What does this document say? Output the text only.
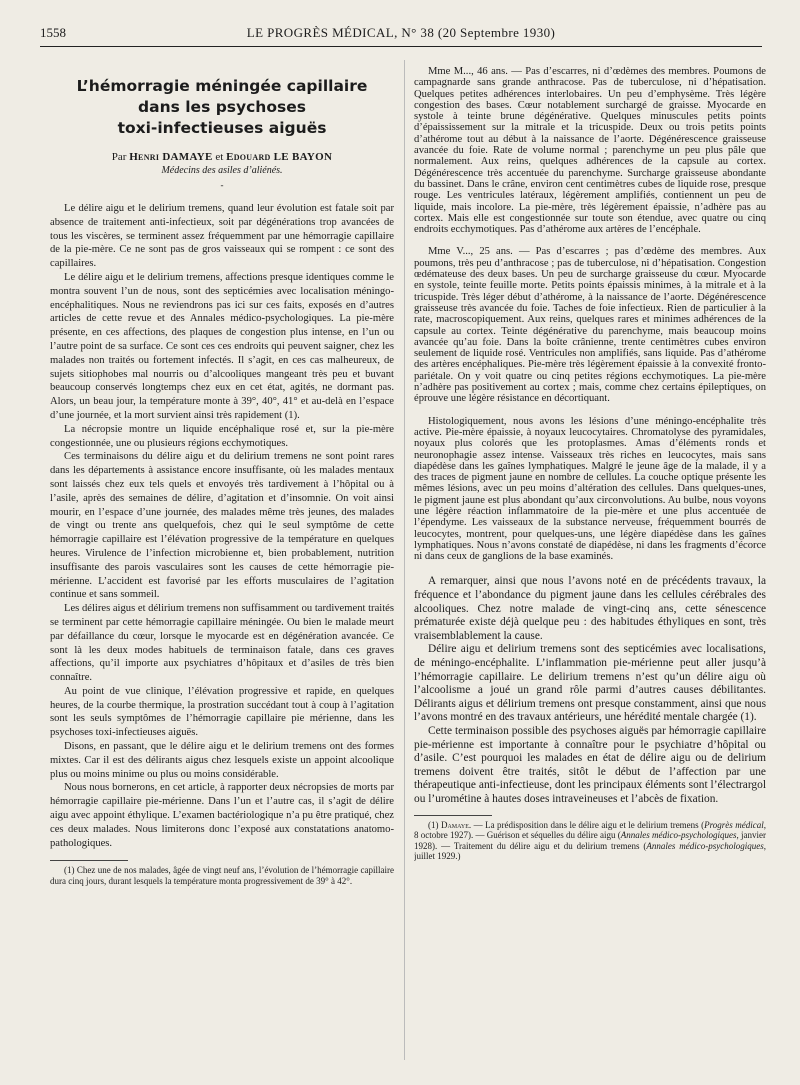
1558	LE PROGRÈS MÉDICAL, N° 38 (20 Septembre 1930)
L’hémorragie méningée capillaire
dans les psychoses
toxi-infectieuses aiguës
Par Henri DAMAYE et Edouard LE BAYON
Médecins des asiles d’aliénés.
-

Le délire aigu et le delirium tremens, quand leur évolution est fatale soit par absence de traitement anti-infectieux, soit par dégénérations trop avancées de tous les viscères, se terminent assez fréquemment par une hémorragie capillaire de la pie-mère. Ce ne sont pas de gros vaisseaux qui se rompent : ce sont des capillaires.

Le délire aigu et le delirium tremens, affections presque identiques comme le montra souvent l’un de nous, sont des septicémies avec localisation méningo-encéphalitiques. Nous ne reviendrons pas ici sur ces faits, exposés en d’autres articles de cette revue et des Annales médico-psychologiques. La pie-mère présente, en ces affections, des plaques de congestion plus intense, en l’un ou l’autre point de sa surface. Ce sont ces ces endroits qui peuvent saigner, chez les malades non traités ou fortement infectés. Il s’agit, en ces cas malheureux, de sujets sitiophobes mal nourris ou d’alcooliques mangeant très peu et buvant beaucoup conservés longtemps chez eux en cet état, agités, ne dormant pas. Alors, un beau jour, la température monte à 39°, 40°, 41° et au-delà en l’espace d’une journée, et la mort survient ainsi très rapidement (1).

La nécropsie montre un liquide encéphalique rosé et, sur la pie-mère congestionnée, une ou plusieurs régions ecchymotiques.

Ces terminaisons du délire aigu et du delirium tremens ne sont point rares dans les départements à assistance encore insuffisante, où les malades mentaux sont laissés chez eux tels quels et envoyés très tardivement à l’hôpital ou à l’asile, après des semaines de délire, d’agitation et d’insomnie. On voit ainsi mourir, en l’espace d’une journée, des malades même très jeunes, des malades de vingt ou trente ans quelquefois, chez qui le seul symptôme de cette hémorragie capillaire est l’élévation progressive de la température en quelques heures. Virulence de l’infection microbienne et, bien probablement, nutrition insuffisante des parois vasculaires sont les causes de cette hémorragie pie-mérienne. L’accident est favorisé par les efforts musculaires de l’agitation continue et sans sommeil.

Les délires aigus et délirium tremens non suffisamment ou tardivement traités se terminent par cette hémorragie capillaire méningée. Ou bien le malade meurt par défaillance du cœur, lorsque le myocarde est en dégénération avancée. Ce sont là les deux modes habituels de terminaison fatale, dans ces graves affections, qu’il importe aux psychiatres d’hôpitaux et d’asiles de très bien connaître.

Au point de vue clinique, l’élévation progressive et rapide, en quelques heures, de la courbe thermique, la prostration succédant tout à coup à l’agitation sont les seuls symptômes de l’hémorragie capillaire pie mérienne, dans les psychoses toxi-infectieuses aiguës.

Disons, en passant, que le délire aigu et le delirium tremens ont des formes mixtes. Car il est des délirants aigus chez lesquels existe un appoint alcoolique plus ou moins minime ou plus ou moins considérable.

Nous nous bornerons, en cet article, à rapporter deux nécropsies de morts par hémorragie capillaire pie-mérienne. Dans l’un et l’autre cas, il s’agit de délire aigu avec appoint éthylique. L’examen bactériologique n’a pu être pratiqué, chez ces deux malades. Nous limiterons donc l’exposé aux constatations anatomo-pathologiques.

(1) Chez une de nos malades, âgée de vingt neuf ans, l’évolution de l’hémorragie capillaire dura cinq jours, durant lesquels la température monta progressivement de 39° à 42°.

Mme M..., 46 ans. — Pas d’escarres, ni d’œdèmes des membres. Poumons de campagnarde sans grande anthracose. Pas de tuberculose, ni d’hépatisation. Quelques petites adhérences interlobaires. Un peu d’emphysème. Très légère congestion des bases. Cœur notablement surchargé de graisse. Myocarde en systole à teinte brune dégénérative. Quelques minuscules petits points d’épaississement sur la mitrale et la tricuspide. Deux ou trois petits points d’athérome tout au début à la naissance de l’aorte. Dégénérescence graisseuse avancée du foie. Rate de volume normal ; parenchyme un peu plus pâle que normalement. Aux reins, quelques adhérences de la capsule au cortex. Dégénérescence très accentuée du parenchyme. Surcharge graisseuse abondante du bassinet. Dans le crâne, environ cent centimètres cubes de liquide rose, presque rouge. Les ventricules latéraux, légèrement amplifiés, contiennent un peu de liquide, mais incolore. La pie-mère, très légèrement épaissie, n’adhère pas au cortex. Mais elle est congestionnée sur toute son étendue, avec quatre ou cinq endroits ecchymotiques. Pas d’athérome aux artères de l’encéphale.

Mme V..., 25 ans. — Pas d’escarres ; pas d’œdème des membres. Aux poumons, très peu d’anthracose ; pas de tuberculose, ni d’hépatisation. Congestion œdémateuse des deux bases. Un peu de surcharge graisseuse du cœur. Myocarde en systole, teinte feuille morte. Petits points épaissis minimes, à la mitrale et à la tricuspide. Très léger début d’athérome, à la naissance de l’aorte. Dégénérescence graisseuse très avancée du foie. Taches de foie infectieux. Rien de particulier à la rate, macroscopiquement. Aux reins, quelques rares et minimes adhérences de la capsule au cortex. Teinte dégénérative du parenchyme, mais beaucoup moins avancée qu’au foie. Dans la boîte crânienne, trente centimètres cubes environ seulement de liquide rosé. Ventricules non amplifiés, sans liquide. Pas d’athérome des artères encéphaliques. Pie-mère très légèrement épaissie à la convexité fronto-pariétale. On y voit quatre ou cinq petites régions ecchymotiques. La pie-mère n’adhère pas positivement au cortex ; mais, comme chez certains épileptiques, on éprouve une légère résistance en décortiquant.

Histologiquement, nous avons les lésions d’une méningo-encéphalite très active. Pie-mère épaissie, à noyaux leucocytaires. Chromatolyse des pyramidales, noyaux plus colorés que les protoplasmes. Amas d’éléments ronds et neuronophagie assez intense. Vaisseaux très riches en leucocytes, mais sans diapédèse dans les gaînes lymphatiques. Malgré le jeune âge de la malade, il y a des traces de pigment jaune en nombre de cellules. La couche optique présente les mêmes lésions, avec un peu moins d’altération des cellules. Dans quelques-unes, le pigment jaune est plus abondant qu’aux circonvolutions. Au bulbe, nous voyons une légère réaction inflammatoire de la pie-mère et une plus accentuée de l’épendyme. Les vaisseaux de la substance nerveuse, fréquemment bourrés de leucocytes, montrent, pour quelques-uns, une légère diapédèse dans les gaînes lymphatiques. Nous n’avons constaté de diapédèse, ni dans les fragments d’écorce ni dans ceux de ganglions de la base examinés.

A remarquer, ainsi que nous l’avons noté en de précédents travaux, la fréquence et l’abondance du pigment jaune dans les cellules cérébrales des alcooliques. Chez notre malade de vingt-cinq ans, cette sénescence prématurée existe déjà quelque peu : des habitudes éthyliques en sont, très vraisemblablement la cause.

Délire aigu et delirium tremens sont des septicémies avec localisations, de méningo-encéphalite. L’inflammation pie-mérienne peut aller jusqu’à l’hémorragie capillaire. Le delirium tremens n’est qu’un délire aigu où l’alcoolisme a joué un grand rôle parmi d’autres causes débilitantes. Délirants aigus et délirium tremens ont presque constamment, ainsi que nous l’avons montré en des travaux antérieurs, une hérédité mentale chargée (1).

Cette terminaison possible des psychoses aiguës par hémorragie capillaire pie-mérienne est importante à connaître pour le psychiatre d’hôpital ou d’asile. C’est pourquoi les malades en état de délire aigu ou de delirium tremens doivent être traités, sitôt le début de l’affection par une thérapeutique anti-infectieuse, dont les principaux éléments sont l’électrargol ou l’urométine à hautes doses intraveineuses et l’abcès de fixation.

(1) Damaye. — La prédisposition dans le délire aigu et le delirium tremens (Progrès médical, 8 octobre 1927). — Guérison et séquelles du délire aigu (Annales médico-psychologiques, janvier 1928). — Traitement du délire aigu et du delirium tremens (Annales médico-psychologiques, juillet 1929.)
